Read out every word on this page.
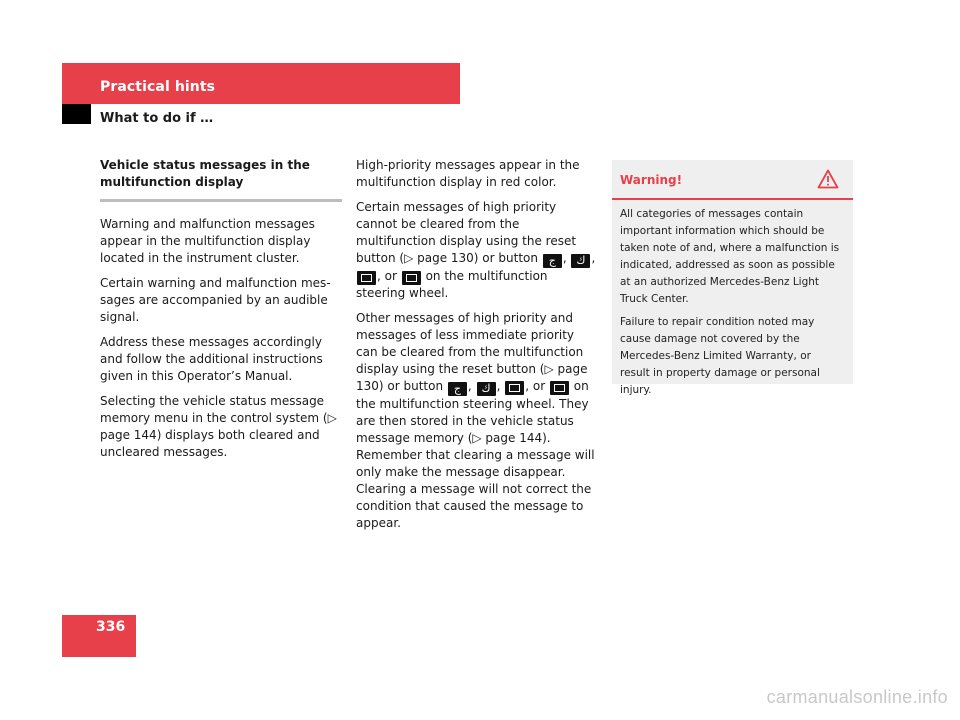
Practical hints
What to do if …
Vehicle status messages in the multifunction display

Warning and malfunction messages appear in the multifunction display located in the instrument cluster.

Certain warning and malfunction messages are accompanied by an audible signal.

Address these messages accordingly and follow the additional instructions given in this Operator’s Manual.

Selecting the vehicle status message memory menu in the control system (▷ page 144) displays both cleared and uncleared messages.

High-priority messages appear in the multifunction display in red color.

Certain messages of high priority cannot be cleared from the multifunction display using the reset button (▷ page 130) or button ج , ك , , or on the multifunction steering wheel.

Other messages of high priority and messages of less immediate priority can be cleared from the multifunction display using the reset button (▷ page 130) or button ج , ك , , or on the multifunction steering wheel. They are then stored in the vehicle status message memory (▷ page 144). Remember that clearing a message will only make the message disappear. Clearing a message will not correct the condition that caused the message to appear.

Warning!

All categories of messages contain important information which should be taken note of and, where a malfunction is indicated, addressed as soon as possible at an authorized Mercedes-Benz Light Truck Center.

Failure to repair condition noted may cause damage not covered by the Mercedes-Benz Limited Warranty, or result in property damage or personal injury.

336
carmanualsonline.info
